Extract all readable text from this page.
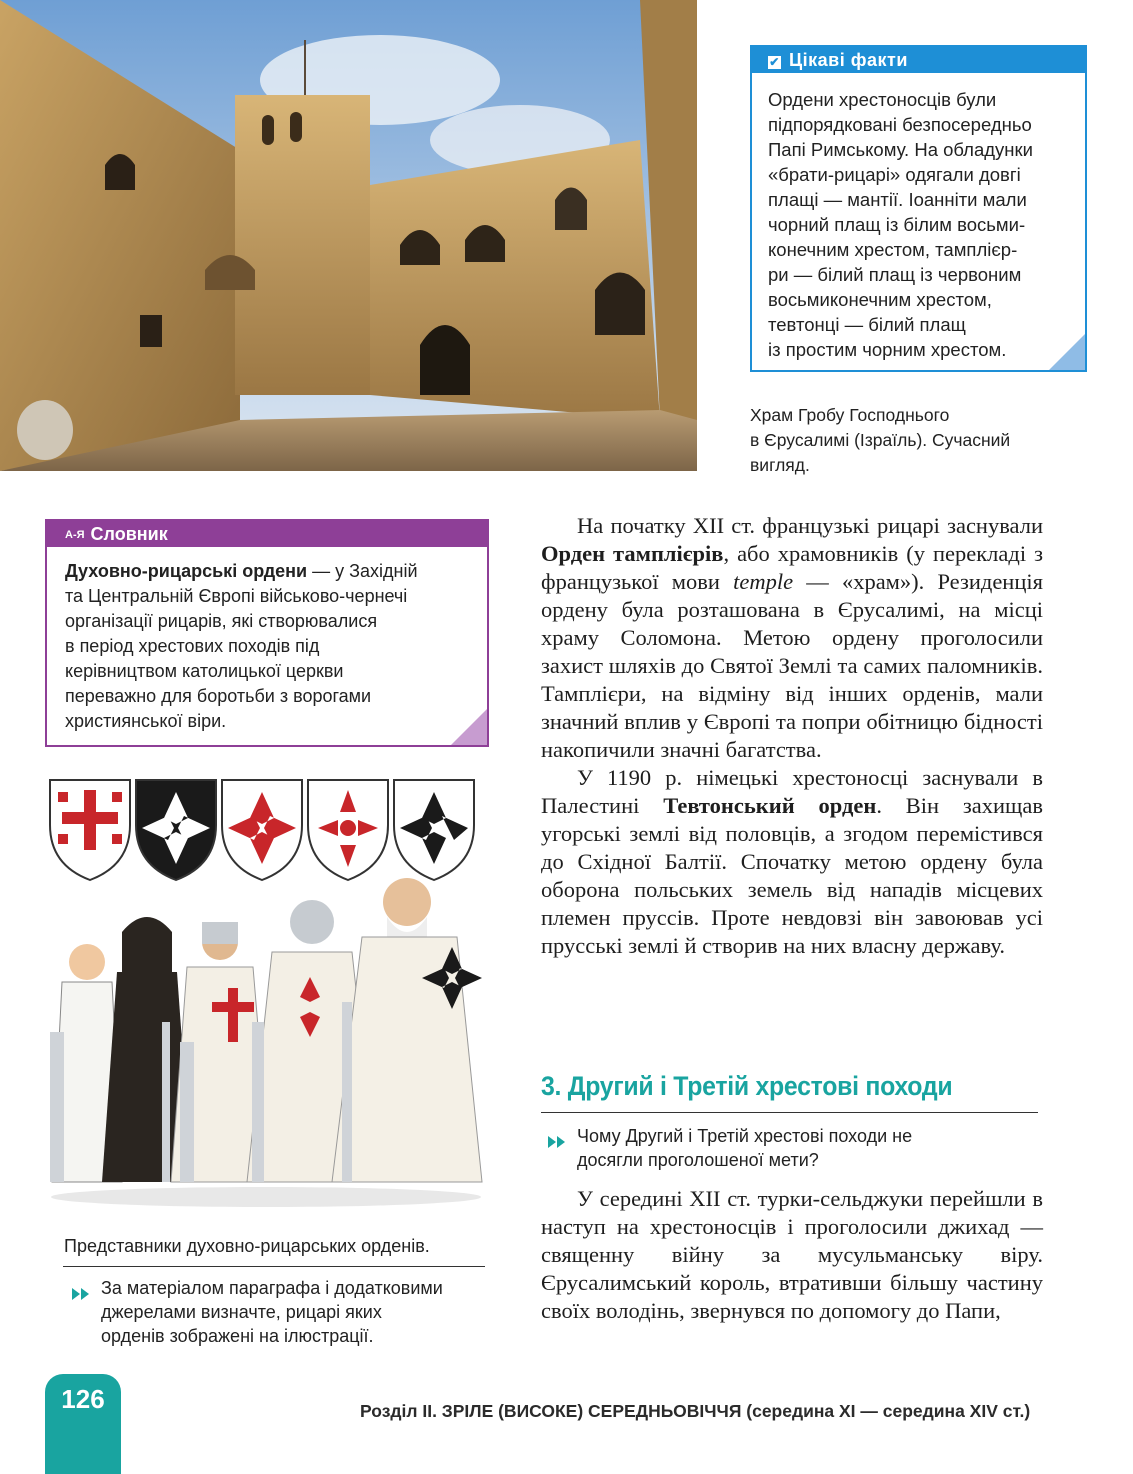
✔ Цікаві факти
Ордени хрестоносців були
підпорядковані безпосередньо
Папі Римському. На обладунки
«брати-рицарі» одягали довгі
плащі — мантії. Іоанніти мали
чорний плащ із білим восьми-
конечним хрестом, тамплієр-
ри — білий плащ із червоним
восьмиконечним хрестом,
тевтонці — білий плащ
із простим чорним хрестом.
Храм Гробу Господнього
в Єрусалимі (Ізраїль). Сучасний
вигляд.
А-Я Словник
Духовно-рицарські ордени — у Західній
та Центральній Європі військово-чернечі
організації рицарів, які створювалися
в період хрестових походів під
керівництвом католицької церкви
переважно для боротьби з ворогами
християнської віри.
Представники духовно-рицарських орденів.
За матеріалом параграфа і додатковими
джерелами визначте, рицарі яких
орденів зображені на ілюстрації.

На початку XII ст. французькі рицарі заснували Орден тамплієрів, або храмовників (у перекладі з французької мови temple — «храм»). Резиденція ордену була розташована в Єрусалимі, на місці храму Соломона. Метою ордену проголосили захист шляхів до Святої Землі та самих паломників. Тамплієри, на відміну від інших орденів, мали значний вплив у Європі та попри обітницю бідності накопичили значні багатства.

У 1190 р. німецькі хрестоносці заснували в Палестині Тевтонський орден. Він захищав угорські землі від половців, а згодом перемістився до Східної Балтії. Спочатку метою ордену була оборона польських земель від нападів місцевих племен пруссів. Проте невдовзі він завоював усі прусські землі й створив на них власну державу.

3. Другий і Третій хрестові походи
Чому Другий і Третій хрестові походи не
досягли проголошеної мети?

У середині XII ст. турки-сельджуки перейшли в наступ на хрестоносців і проголосили джихад — священну війну за мусульманську віру. Єрусалимський король, втративши більшу частину своїх володінь, звернувся по допомогу до Папи,

126	Розділ ІІ. ЗРІЛЕ (ВИСОКЕ) СЕРЕДНЬОВІЧЧЯ (середина XI — середина XIV ст.)
